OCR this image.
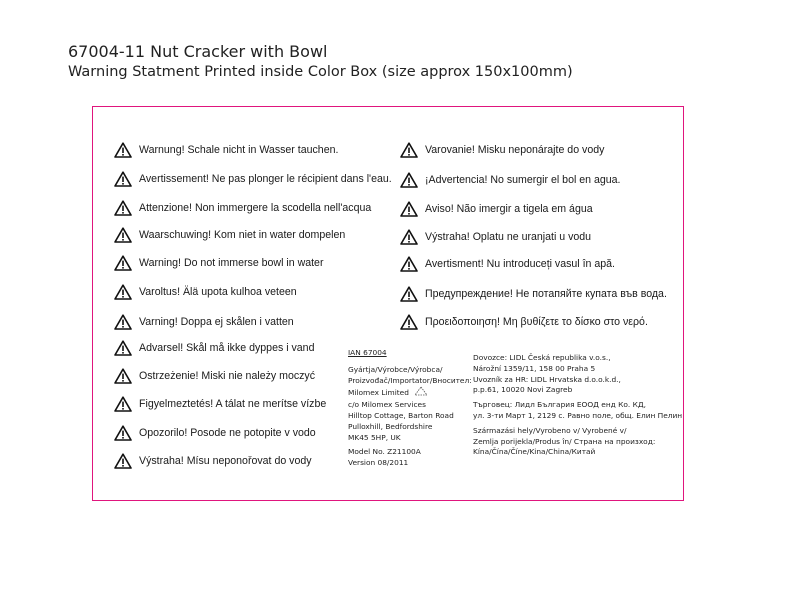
67004-11 Nut Cracker with Bowl
Warning Statment Printed inside Color Box (size approx 150x100mm)
Warnung! Schale nicht in Wasser tauchen.
Avertissement! Ne pas plonger le récipient dans l'eau.
Attenzione! Non immergere la scodella nell'acqua
Waarschuwing! Kom niet in water dompelen
Warning! Do not immerse bowl in water
Varoltus! Älä upota kulhoa veteen
Varning! Doppa ej skålen i vatten
Advarsel! Skål må ikke dyppes i vand
Ostrzeżenie! Miski nie należy moczyć
Figyelmeztetés! A tálat ne merítse vízbe
Opozorilo! Posode ne potopite v vodo
Výstraha! Mísu neponořovat do vody
Varovanie! Misku neponárajte do vody
¡Advertencia! No sumergir el bol en agua.
Aviso! Não imergir a tigela em água
Výstraha! Oplatu ne uranjati u vodu
Avertisment! Nu introduceți vasul în apă.
Предупреждение! Не потапяйте купата във вода.
Προειδοποιηση! Μη βυθίζετε το δίσκο στο νερό.
IAN 67004
Gyártja/Výrobce/Výrobca/
Proizvođač/Importator/Вносител:
Milomex Limited
c/o Milomex Services
Hilltop Cottage, Barton Road
Pulloxhill, Bedfordshire
MK45 5HP, UK
Model No. Z21100A
Version 08/2011
Dovozce: LIDL Česká republika v.o.s.,
Nárožní 1359/11, 158 00 Praha 5
Uvozník za HR: LIDL Hrvatska d.o.o.k.d.,
p.p.61, 10020 Novi Zagreb
Търговец: Лидл България ЕООД енд Ко. КД,
ул. 3-ти Март 1, 2129 с. Равно поле, общ. Елин Пелин
Származási hely/Vyrobeno v/ Vyrobené v/
Zemlja porijekla/Produs în/ Страна на произход:
Kína/Čína/Číne/Kina/China/Китай
